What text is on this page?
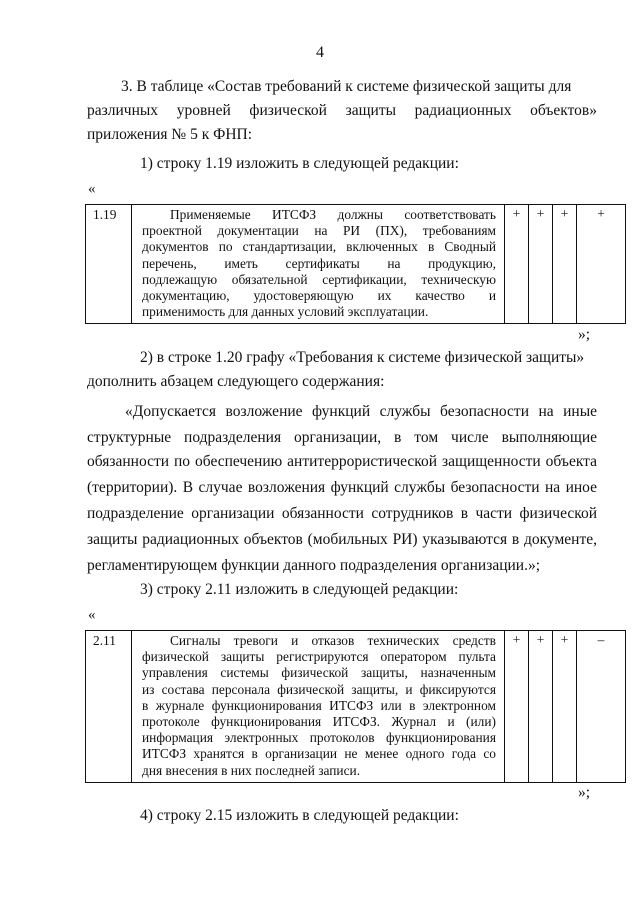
4
3. В таблице «Состав требований к системе физической защиты для
различных уровней физической защиты радиационных объектов»
приложения № 5 к ФНП:
1) строку 1.19 изложить в следующей редакции:
«
1.19	Применяемые ИТСФЗ должны соответствовать
проектной документации на РИ (ПХ), требованиям
документов по стандартизации, включенных в Сводный
перечень, иметь сертификаты на продукцию,
подлежащую обязательной сертификации, техническую
документацию, удостоверяющую их качество и
применимость для данных условий эксплуатации.
	+	+	+	+
»;
2) в строке 1.20 графу «Требования к системе физической защиты»
дополнить абзацем следующего содержания:
«Допускается возложение функций службы безопасности на иные
структурные подразделения организации, в том числе выполняющие
обязанности по обеспечению антитеррористической защищенности объекта
(территории). В случае возложения функций службы безопасности на иное
подразделение организации обязанности сотрудников в части физической
защиты радиационных объектов (мобильных РИ) указываются в документе,
регламентирующем функции данного подразделения организации.»;
3) строку 2.11 изложить в следующей редакции:
«
2.11	Сигналы тревоги и отказов технических средств
физической защиты регистрируются оператором пульта
управления системы физической защиты, назначенным
из состава персонала физической защиты, и фиксируются
в журнале функционирования ИТСФЗ или в электронном
протоколе функционирования ИТСФЗ. Журнал и (или)
информация электронных протоколов функционирования
ИТСФЗ хранятся в организации не менее одного года со
дня внесения в них последней записи.
	+	+	+	–
»;
4) строку 2.15 изложить в следующей редакции:
